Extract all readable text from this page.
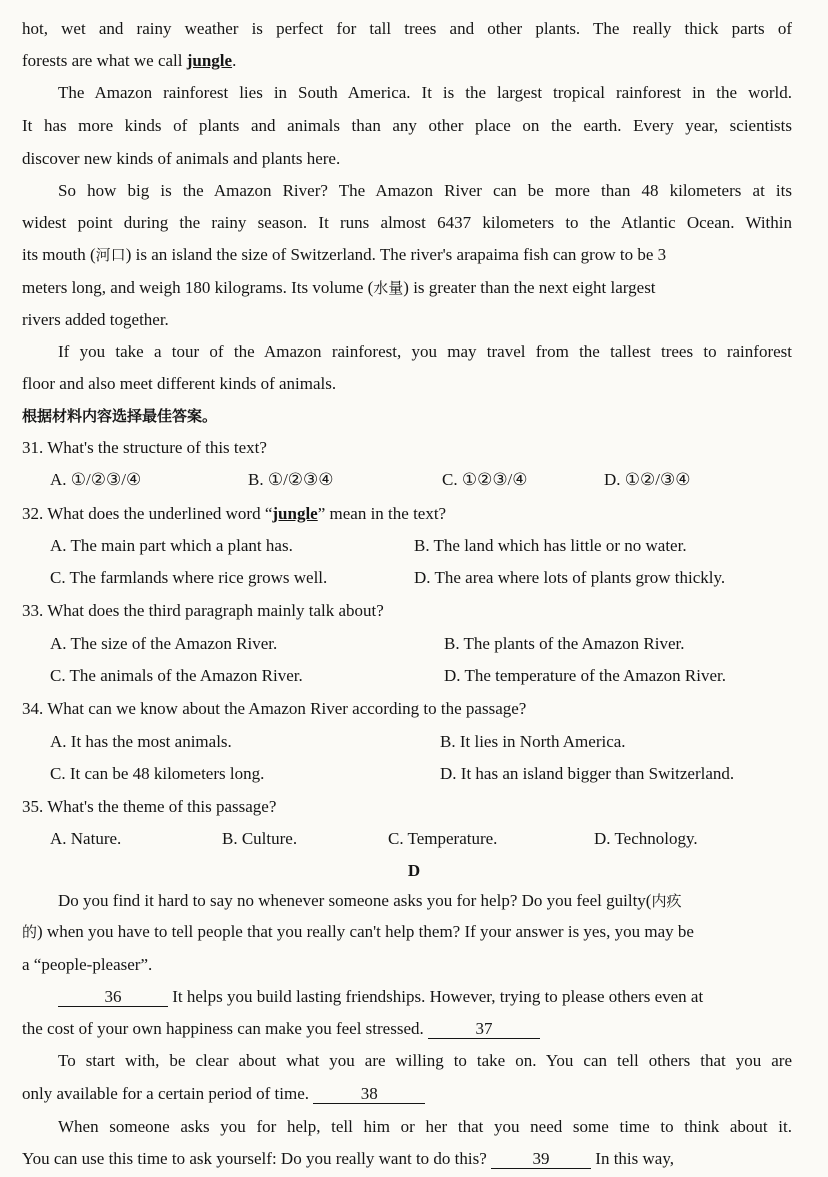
hot, wet and rainy weather is perfect for tall trees and other plants. The really thick parts of
forests are what we call jungle.
The Amazon rainforest lies in South America. It is the largest tropical rainforest in the world.
It has more kinds of plants and animals than any other place on the earth. Every year, scientists
discover new kinds of animals and plants here.
So how big is the Amazon River? The Amazon River can be more than 48 kilometers at its
widest point during the rainy season. It runs almost 6437 kilometers to the Atlantic Ocean. Within
its mouth (河口) is an island the size of Switzerland. The river's arapaima fish can grow to be 3
meters long, and weigh 180 kilograms. Its volume (水量) is greater than the next eight largest
rivers added together.
If you take a tour of the Amazon rainforest, you may travel from the tallest trees to rainforest
floor and also meet different kinds of animals.
根据材料内容选择最佳答案。
31. What's the structure of this text?
A. ①/②③/④	B. ①/②③④	C. ①②③/④	D. ①②/③④
32. What does the underlined word “jungle” mean in the text?
A. The main part which a plant has.	B. The land which has little or no water.
C. The farmlands where rice grows well.	D. The area where lots of plants grow thickly.
33. What does the third paragraph mainly talk about?
A. The size of the Amazon River.	B. The plants of the Amazon River.
C. The animals of the Amazon River.	D. The temperature of the Amazon River.
34. What can we know about the Amazon River according to the passage?
A. It has the most animals.	B. It lies in North America.
C. It can be 48 kilometers long.	D. It has an island bigger than Switzerland.
35. What's the theme of this passage?
A. Nature.	B. Culture.	C. Temperature.	D. Technology.
D
Do you find it hard to say no whenever someone asks you for help? Do you feel guilty(内疚
的) when you have to tell people that you really can't help them? If your answer is yes, you may be
a “people-pleaser”.
36	It helps you build lasting friendships. However, trying to please others even at
the cost of your own happiness can make you feel stressed.	37
To start with, be clear about what you are willing to take on. You can tell others that you are
only available for a certain period of time.	38
When someone asks you for help, tell him or her that you need some time to think about it.
You can use this time to ask yourself: Do you really want to do this? 39 In this way,
